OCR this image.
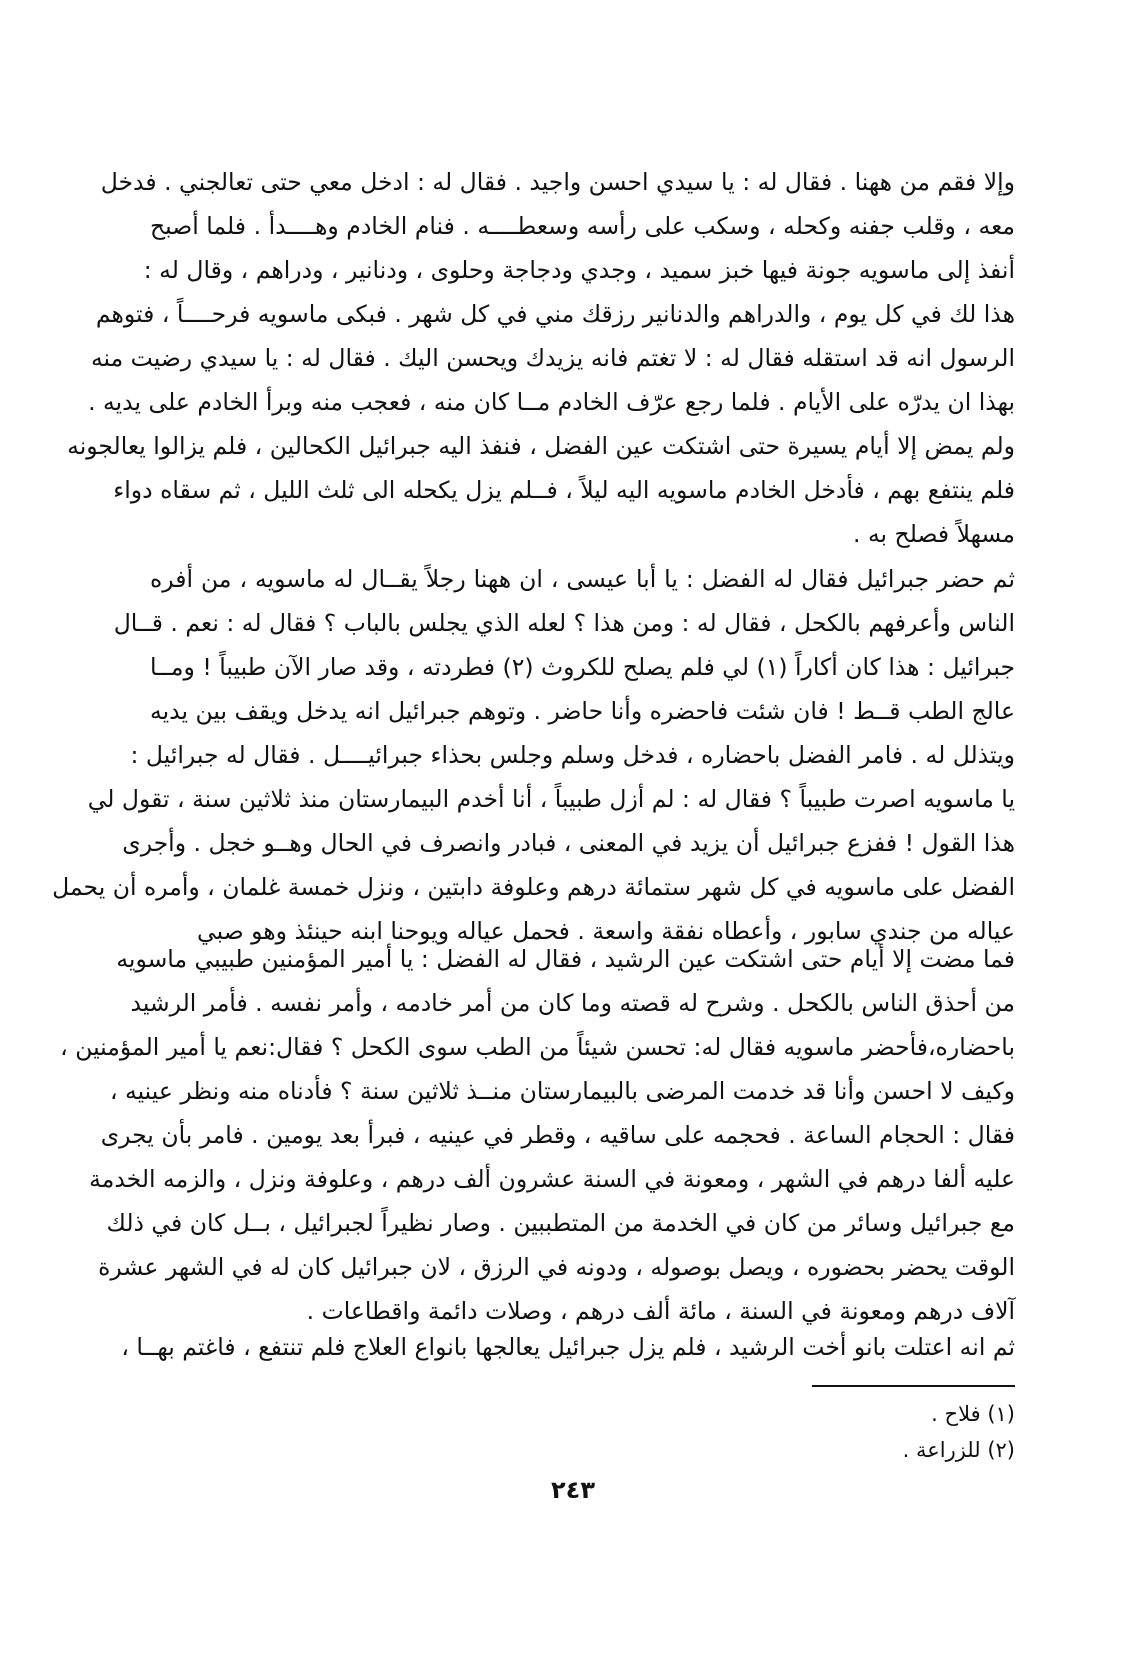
وإلا فقم من ههنا . فقال له : يا سيدي احسن واجيد . فقال له : ادخل معي حتى تعالجني . فدخل
معه ، وقلب جفنه وكحله ، وسكب على رأسه وسعطــــه . فنام الخادم وهــــدأ . فلما أصبح
أنفذ إلى ماسويه جونة فيها خبز سميد ، وجدي ودجاجة وحلوى ، ودنانير ، ودراهم ، وقال له :
هذا لك في كل يوم ، والدراهم والدنانير رزقك مني في كل شهر . فبكى ماسويه فرحــــاً ، فتوهم
الرسول انه قد استقله فقال له : لا تغتم فانه يزيدك ويحسن اليك . فقال له : يا سيدي رضيت منه
بهذا ان يدرّه على الأيام . فلما رجع عرّف الخادم مــا كان منه ، فعجب منه وبرأ الخادم على يديه .
ولم يمض إلا أيام يسيرة حتى اشتكت عين الفضل ، فنفذ اليه جبرائيل الكحالين ، فلم يزالوا يعالجونه
فلم ينتفع بهم ، فأدخل الخادم ماسويه اليه ليلاً ، فــلم يزل يكحله الى ثلث الليل ، ثم سقاه دواء
مسهلاً فصلح به .

ثم حضر جبرائيل فقال له الفضل : يا أبا عيسى ، ان ههنا رجلاً يقــال له ماسويه ، من أفره
الناس وأعرفهم بالكحل ، فقال له : ومن هذا ؟ لعله الذي يجلس بالباب ؟ فقال له : نعم . قــال
جبرائيل : هذا كان أكاراً (١) لي فلم يصلح للكروث (٢) فطردته ، وقد صار الآن طبيباً ! ومــا
عالج الطب قــط ! فان شئت فاحضره وأنا حاضر . وتوهم جبرائيل انه يدخل ويقف بين يديه
ويتذلل له . فامر الفضل باحضاره ، فدخل وسلم وجلس بحذاء جبرائيــــل . فقال له جبرائيل :
يا ماسويه اصرت طبيباً ؟ فقال له : لم أزل طبيباً ، أنا أخدم البيمارستان منذ ثلاثين سنة ، تقول لي
هذا القول ! ففزع جبرائيل أن يزيد في المعنى ، فبادر وانصرف في الحال وهــو خجل . وأجرى
الفضل على ماسويه في كل شهر ستمائة درهم وعلوفة دابتين ، ونزل خمسة غلمان ، وأمره أن يحمل
عياله من جندي سابور ، وأعطاه نفقة واسعة . فحمل عياله ويوحنا ابنه حينئذ وهو صبي

فما مضت إلا أيام حتى اشتكت عين الرشيد ، فقال له الفضل : يا أمير المؤمنين طبيبي ماسويه
من أحذق الناس بالكحل . وشرح له قصته وما كان من أمر خادمه ، وأمر نفسه . فأمر الرشيد
باحضاره،فأحضر ماسويه فقال له: تحسن شيئاً من الطب سوى الكحل ؟ فقال:نعم يا أمير المؤمنين ،
وكيف لا احسن وأنا قد خدمت المرضى بالبيمارستان منــذ ثلاثين سنة ؟ فأدناه منه ونظر عينيه ،
فقال : الحجام الساعة . فحجمه على ساقيه ، وقطر في عينيه ، فبرأ بعد يومين . فامر بأن يجرى
عليه ألفا درهم في الشهر ، ومعونة في السنة عشرون ألف درهم ، وعلوفة ونزل ، والزمه الخدمة
مع جبرائيل وسائر من كان في الخدمة من المتطببين . وصار نظيراً لجبرائيل ، بــل كان في ذلك
الوقت يحضر بحضوره ، ويصل بوصوله ، ودونه في الرزق ، لان جبرائيل كان له في الشهر عشرة
آلاف درهم ومعونة في السنة ، مائة ألف درهم ، وصلات دائمة واقطاعات .

ثم انه اعتلت بانو أخت الرشيد ، فلم يزل جبرائيل يعالجها بانواع العلاج فلم تنتفع ، فاغتم بهــا ،

(١) فلاح .
(٢) للزراعة .
٢٤٣
